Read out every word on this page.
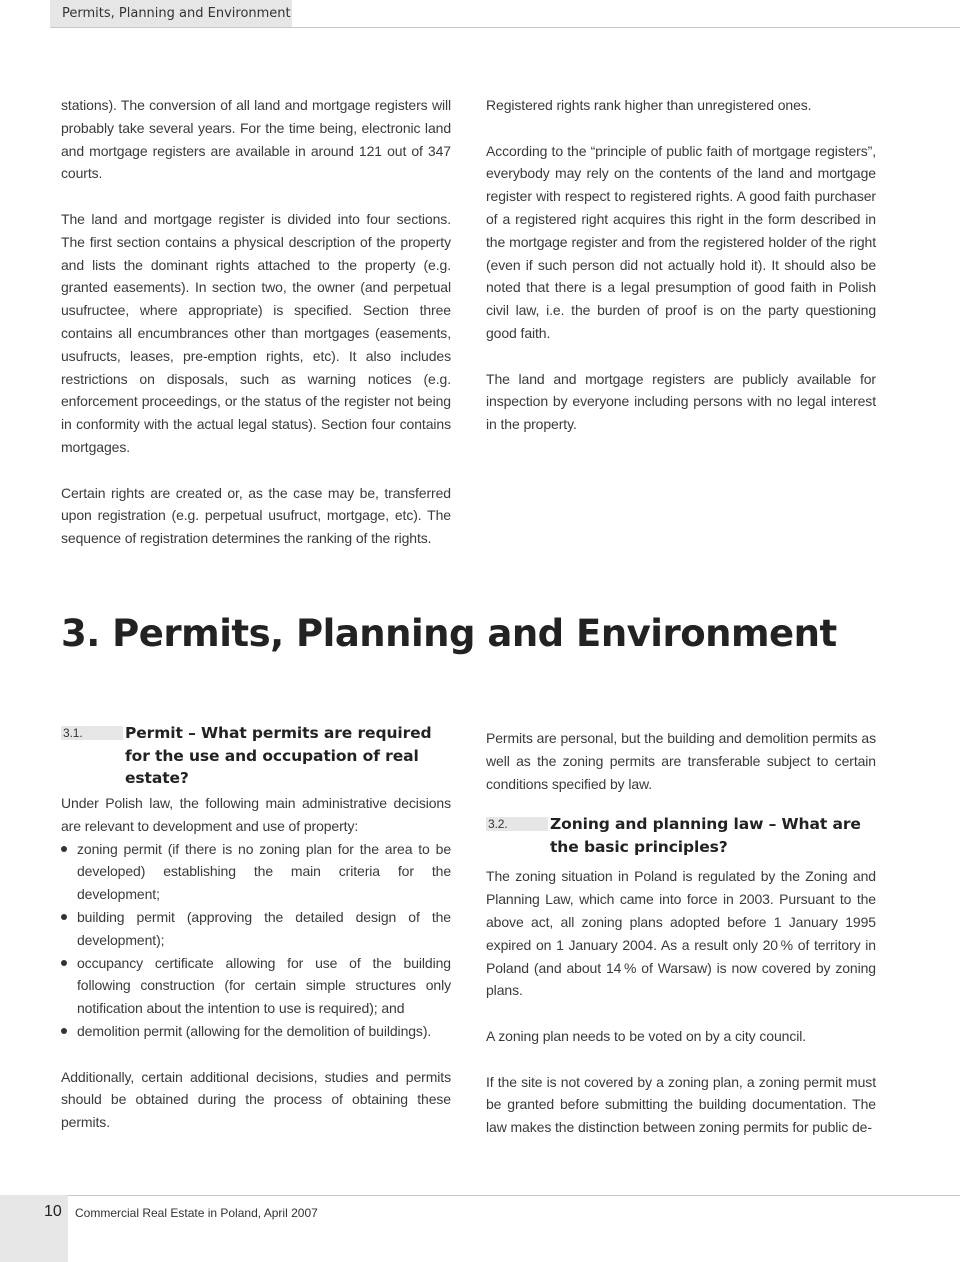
Permits, Planning and Environment

stations). The conversion of all land and mortgage registers will probably take several years. For the time being, electronic land and mortgage registers are available in around 121 out of 347 courts.

The land and mortgage register is divided into four sections. The first section contains a physical description of the property and lists the dominant rights attached to the property (e.g. granted easements). In section two, the owner (and perpetual usufructee, where appropriate) is specified. Section three contains all encumbrances other than mortgages (easements, usufructs, leases, pre-emption rights, etc). It also includes restrictions on disposals, such as warning notices (e.g. enforcement proceedings, or the status of the register not being in conformity with the actual legal status). Section four contains mortgages.

Certain rights are created or, as the case may be, transferred upon registration (e.g. perpetual usufruct, mortgage, etc). The sequence of registration determines the ranking of the rights.

Registered rights rank higher than unregistered ones.

According to the “principle of public faith of mortgage registers”, everybody may rely on the contents of the land and mortgage register with respect to registered rights. A good faith purchaser of a registered right acquires this right in the form described in the mortgage register and from the registered holder of the right (even if such person did not actually hold it). It should also be noted that there is a legal presumption of good faith in Polish civil law, i.e. the burden of proof is on the party questioning good faith.

The land and mortgage registers are publicly available for inspection by everyone including persons with no legal interest in the property.

3. Permits, Planning and Environment
3.1.	Permit – What permits are required for the use and occupation of real estate?

Under Polish law, the following main administrative decisions are relevant to development and use of property:

zoning permit (if there is no zoning plan for the area to be developed) establishing the main criteria for the development;
building permit (approving the detailed design of the development);
occupancy certificate allowing for use of the building following construction (for certain simple structures only notification about the intention to use is required); and
demolition permit (allowing for the demolition of buildings).

Additionally, certain additional decisions, studies and permits should be obtained during the process of obtaining these permits.

Permits are personal, but the building and demolition permits as well as the zoning permits are transferable subject to certain conditions specified by law.

3.2.	Zoning and planning law – What are the basic principles?

The zoning situation in Poland is regulated by the Zoning and Planning Law, which came into force in 2003. Pursuant to the above act, all zoning plans adopted before 1 January 1995 expired on 1 January 2004. As a result only 20 % of territory in Poland (and about 14 % of Warsaw) is now covered by zoning plans.

A zoning plan needs to be voted on by a city council.

If the site is not covered by a zoning plan, a zoning permit must be granted before submitting the building documentation. The law makes the distinction between zoning permits for public de-

10 Commercial Real Estate in Poland, April 2007
